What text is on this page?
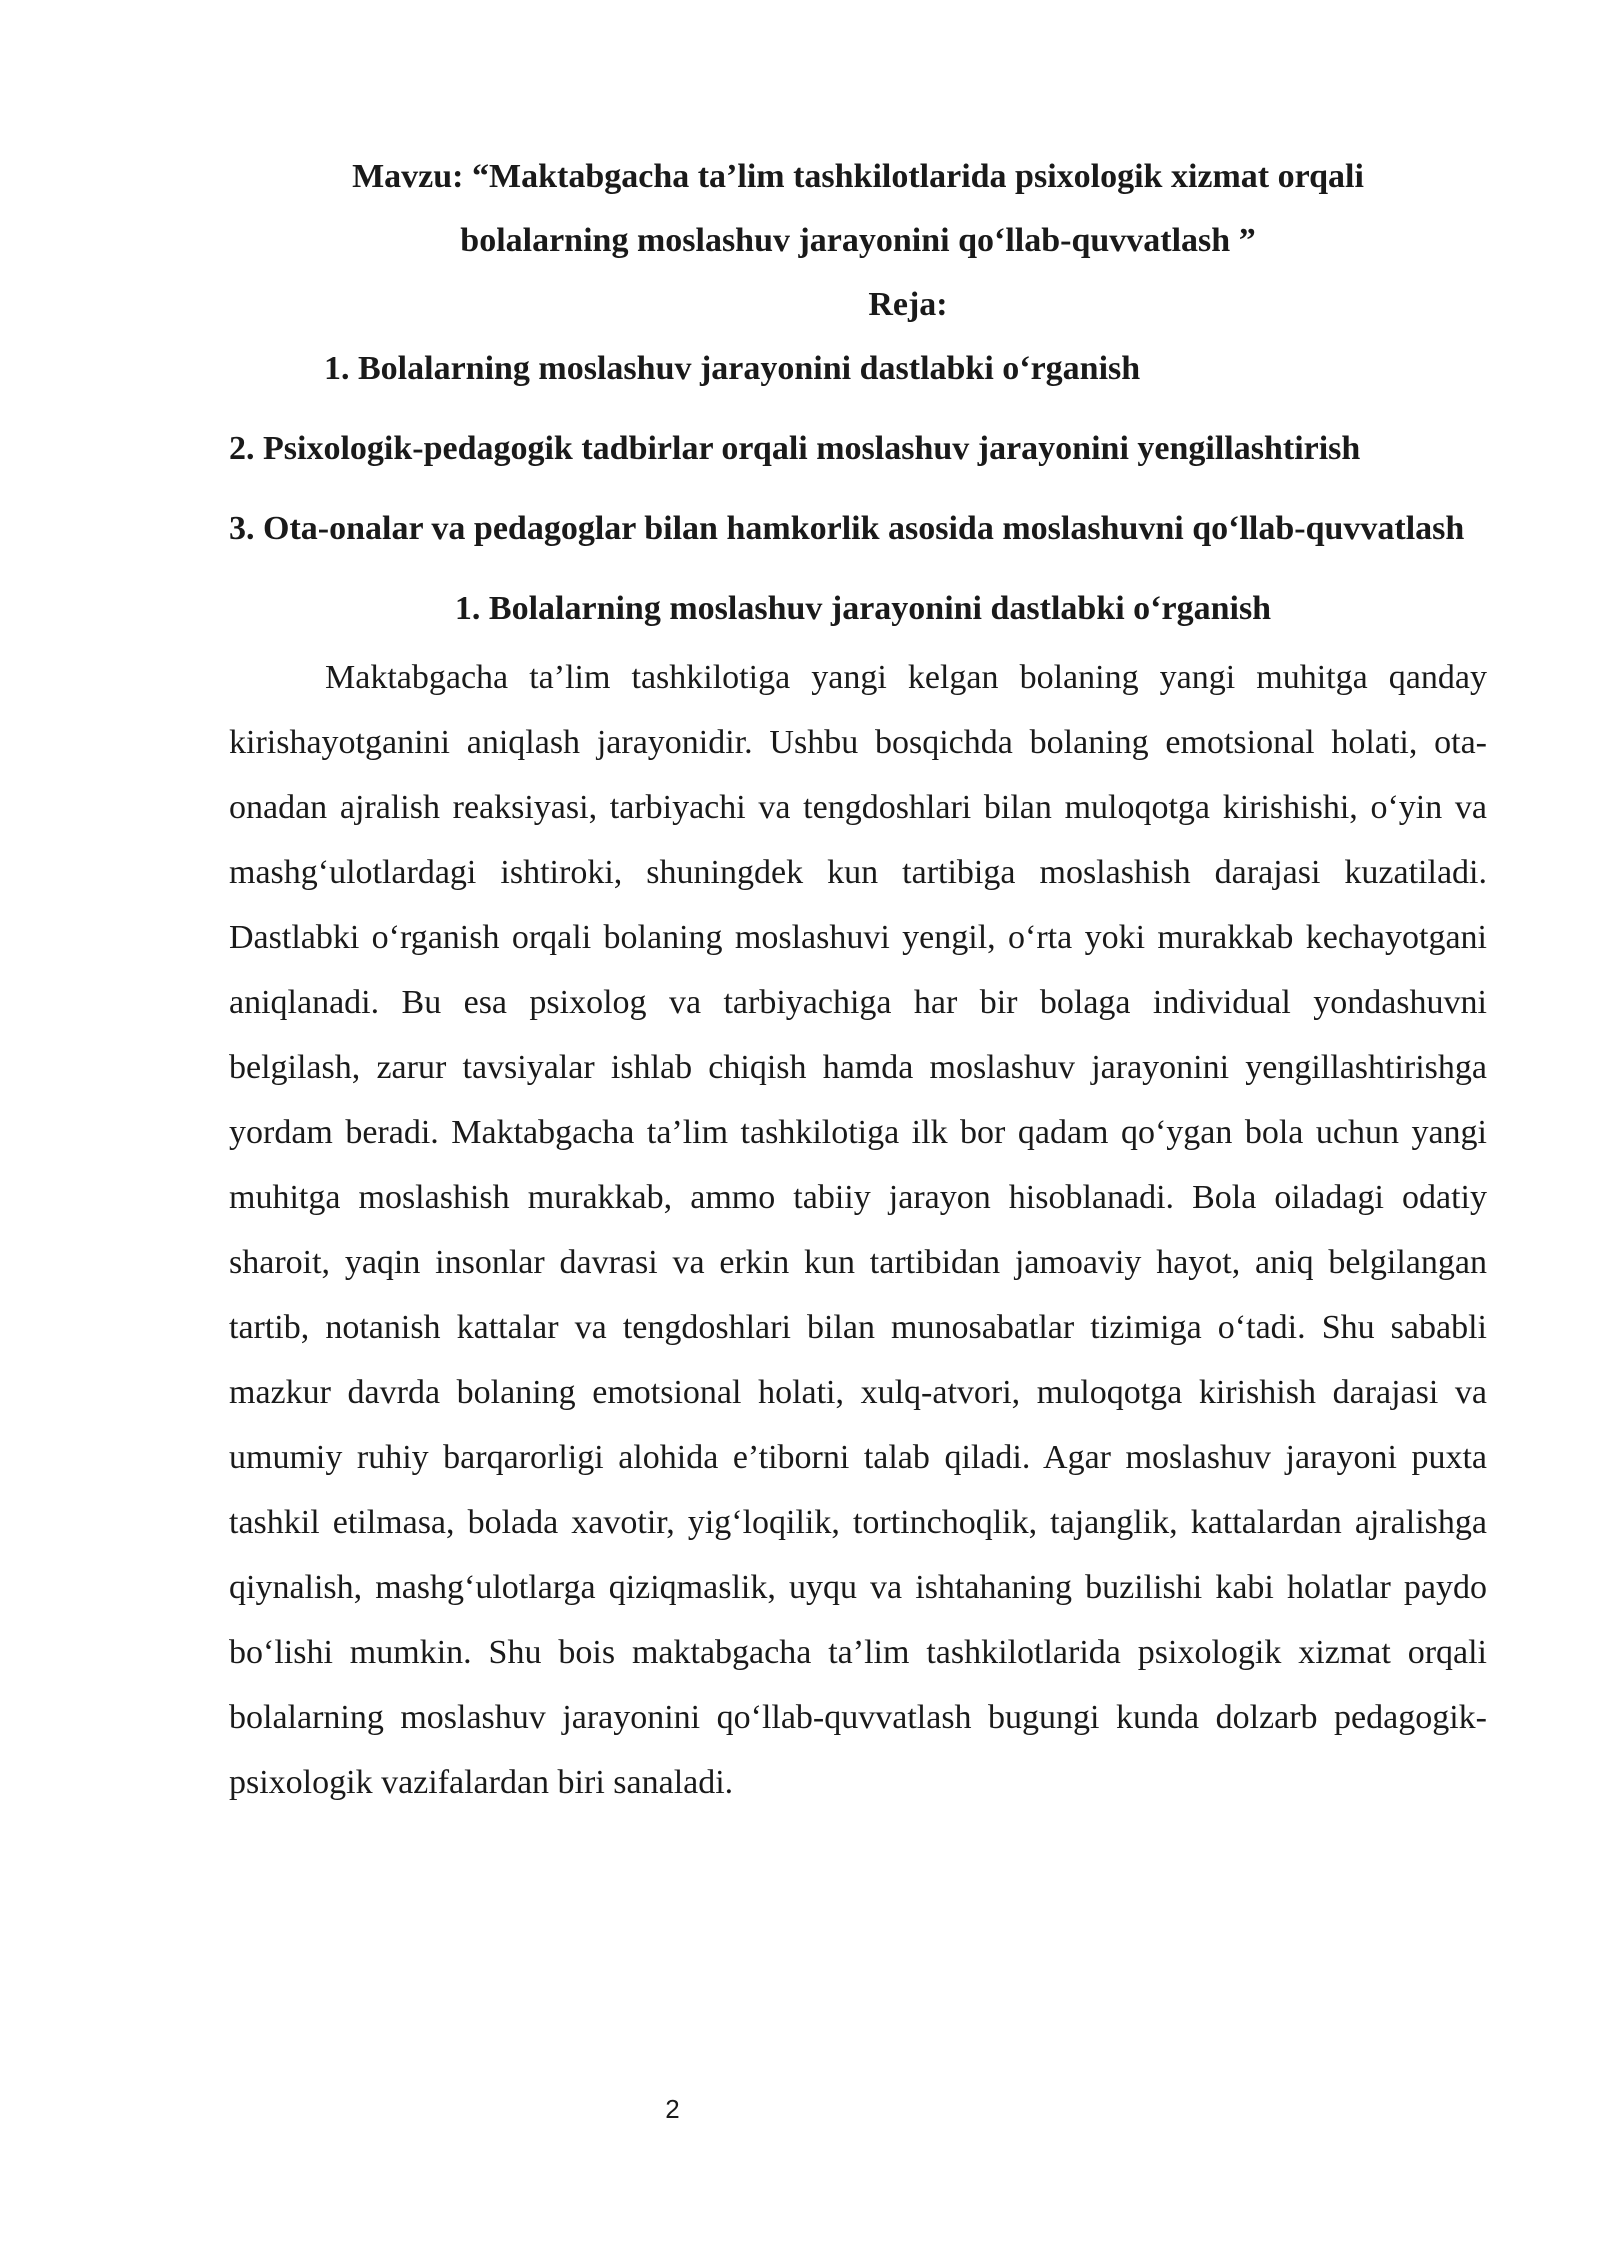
Mavzu: “Maktabgacha ta’lim tashkilotlarida psixologik xizmat orqali

bolalarning moslashuv jarayonini qo‘llab-quvvatlash ”

Reja:

1. Bolalarning moslashuv jarayonini dastlabki o‘rganish

2. Psixologik-pedagogik tadbirlar orqali moslashuv jarayonini yengillashtirish

3. Ota-onalar va pedagoglar bilan hamkorlik asosida moslashuvni qo‘llab-quvvatlash

1. Bolalarning moslashuv jarayonini dastlabki o‘rganish

Maktabgacha ta’lim tashkilotiga yangi kelgan bolaning yangi muhitga qanday kirishayotganini aniqlash jarayonidir. Ushbu bosqichda bolaning emotsional holati, ota-onadan ajralish reaksiyasi, tarbiyachi va tengdoshlari bilan muloqotga kirishishi, o‘yin va mashg‘ulotlardagi ishtiroki, shuningdek kun tartibiga moslashish darajasi kuzatiladi. Dastlabki o‘rganish orqali bolaning moslashuvi yengil, o‘rta yoki murakkab kechayotgani aniqlanadi. Bu esa psixolog va tarbiyachiga har bir bolaga individual yondashuvni belgilash, zarur tavsiyalar ishlab chiqish hamda moslashuv jarayonini yengillashtirishga yordam beradi. Maktabgacha ta’lim tashkilotiga ilk bor qadam qo‘ygan bola uchun yangi muhitga moslashish murakkab, ammo tabiiy jarayon hisoblanadi. Bola oiladagi odatiy sharoit, yaqin insonlar davrasi va erkin kun tartibidan jamoaviy hayot, aniq belgilangan tartib, notanish kattalar va tengdoshlari bilan munosabatlar tizimiga o‘tadi. Shu sababli mazkur davrda bolaning emotsional holati, xulq-atvori, muloqotga kirishish darajasi va umumiy ruhiy barqarorligi alohida e’tiborni talab qiladi. Agar moslashuv jarayoni puxta tashkil etilmasa, bolada xavotir, yig‘loqilik, tortinchoqlik, tajanglik, kattalardan ajralishga qiynalish, mashg‘ulotlarga qiziqmaslik, uyqu va ishtahaning buzilishi kabi holatlar paydo bo‘lishi mumkin. Shu bois maktabgacha ta’lim tashkilotlarida psixologik xizmat orqali bolalarning moslashuv jarayonini qo‘llab-quvvatlash bugungi kunda dolzarb pedagogik-psixologik vazifalardan biri sanaladi.

2
